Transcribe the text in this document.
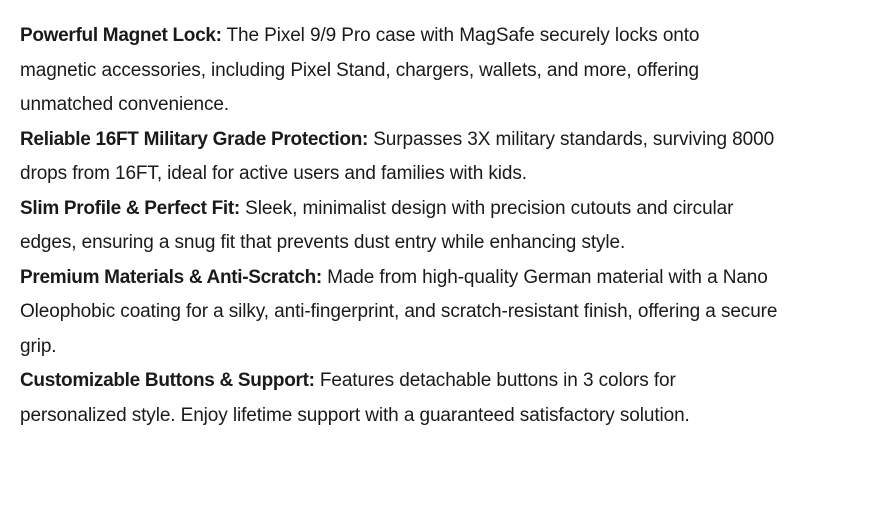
Powerful Magnet Lock: The Pixel 9/9 Pro case with MagSafe securely locks onto magnetic accessories, including Pixel Stand, chargers, wallets, and more, offering unmatched convenience.
Reliable 16FT Military Grade Protection: Surpasses 3X military standards, surviving 8000 drops from 16FT, ideal for active users and families with kids.
Slim Profile & Perfect Fit: Sleek, minimalist design with precision cutouts and circular edges, ensuring a snug fit that prevents dust entry while enhancing style.
Premium Materials & Anti-Scratch: Made from high-quality German material with a Nano Oleophobic coating for a silky, anti-fingerprint, and scratch-resistant finish, offering a secure grip.
Customizable Buttons & Support: Features detachable buttons in 3 colors for personalized style. Enjoy lifetime support with a guaranteed satisfactory solution.
